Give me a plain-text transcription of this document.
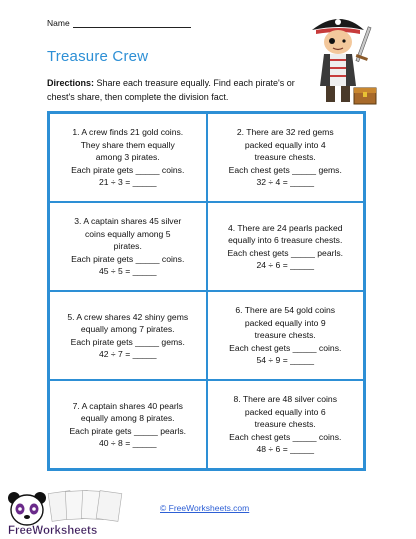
Name
Treasure Crew
Directions: Share each treasure equally. Find each pirate's or chest's share, then complete the division fact.
1. A crew finds 21 gold coins.
They share them equally
among 3 pirates.
Each pirate gets _____ coins.
21 ÷ 3 = _____
2. There are 32 red gems
packed equally into 4
treasure chests.
Each chest gets _____ gems.
32 ÷ 4 = _____
3. A captain shares 45 silver
coins equally among 5
pirates.
Each pirate gets _____ coins.
45 ÷ 5 = _____
4. There are 24 pearls packed
equally into 6 treasure chests.
Each chest gets _____ pearls.
24 ÷ 6 = _____
5. A crew shares 42 shiny gems
equally among 7 pirates.
Each pirate gets _____ gems.
42 ÷ 7 = _____
6. There are 54 gold coins
packed equally into 9
treasure chests.
Each chest gets _____ coins.
54 ÷ 9 = _____
7. A captain shares 40 pearls
equally among 8 pirates.
Each pirate gets _____ pearls.
40 ÷ 8 = _____
8. There are 48 silver coins
packed equally into 6
treasure chests.
Each chest gets _____ coins.
48 ÷ 6 = _____
FreeWorksheets
© FreeWorksheets.com
